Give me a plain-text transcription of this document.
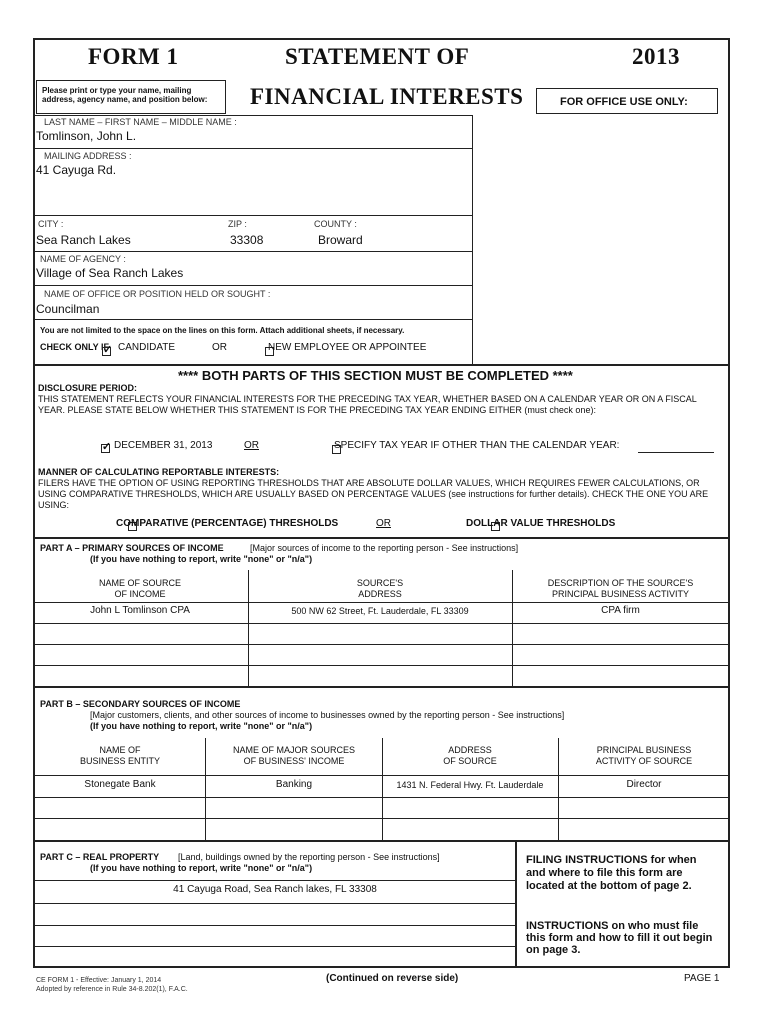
FORM 1	STATEMENT OF	2013
Please print or type your name, mailing address, agency name, and position below:	FINANCIAL INTERESTS	FOR OFFICE USE ONLY:
LAST NAME – FIRST NAME – MIDDLE NAME :
Tomlinson, John L.
MAILING ADDRESS :
41 Cayuga Rd.
CITY :	ZIP :	COUNTY :
Sea Ranch Lakes	33308	Broward
NAME OF AGENCY :
Village of Sea Ranch Lakes
NAME OF OFFICE OR POSITION HELD OR SOUGHT :
Councilman
You are not limited to the space on the lines on this form. Attach additional sheets, if necessary.
CHECK ONLY IF
✓ CANDIDATE	OR
	NEW EMPLOYEE OR APPOINTEE
**** BOTH PARTS OF THIS SECTION MUST BE COMPLETED ****
DISCLOSURE PERIOD:
THIS STATEMENT REFLECTS YOUR FINANCIAL INTERESTS FOR THE PRECEDING TAX YEAR, WHETHER BASED ON A CALENDAR YEAR OR ON A FISCAL YEAR. PLEASE STATE BELOW WHETHER THIS STATEMENT IS FOR THE PRECEDING TAX YEAR ENDING EITHER (must check one):
✓
DECEMBER 31, 2013	OR
	SPECIFY TAX YEAR IF OTHER THAN THE CALENDAR YEAR:
MANNER OF CALCULATING REPORTABLE INTERESTS:
FILERS HAVE THE OPTION OF USING REPORTING THRESHOLDS THAT ARE ABSOLUTE DOLLAR VALUES, WHICH REQUIRES FEWER CALCULATIONS, OR USING COMPARATIVE THRESHOLDS, WHICH ARE USUALLY BASED ON PERCENTAGE VALUES (see instructions for further details). CHECK THE ONE YOU ARE USING:

COMPARATIVE (PERCENTAGE) THRESHOLDS	OR	DOLLAR VALUE THRESHOLDS
PART A – PRIMARY SOURCES OF INCOME	[Major sources of income to the reporting person - See instructions]
(If you have nothing to report, write "none" or "n/a")
NAME OF SOURCE
OF INCOME
SOURCE'S
ADDRESS
DESCRIPTION OF THE SOURCE'S
PRINCIPAL BUSINESS ACTIVITY
John L Tomlinson CPA	500 NW 62 Street, Ft. Lauderdale, FL 33309	CPA firm
PART B – SECONDARY SOURCES OF INCOME
[Major customers, clients, and other sources of income to businesses owned by the reporting person - See instructions]
(If you have nothing to report, write "none" or "n/a")
NAME OF
BUSINESS ENTITY
NAME OF MAJOR SOURCES
OF BUSINESS' INCOME
ADDRESS
OF SOURCE
PRINCIPAL BUSINESS
ACTIVITY OF SOURCE
Stonegate Bank	Banking	1431 N. Federal Hwy. Ft. Lauderdale	Director
PART C – REAL PROPERTY [Land, buildings owned by the reporting person - See instructions]
(If you have nothing to report, write "none" or "n/a")
41 Cayuga Road, Sea Ranch lakes, FL 33308
FILING INSTRUCTIONS for when and where to file this form are located at the bottom of page 2.
INSTRUCTIONS on who must file this form and how to fill it out begin on page 3.
CE FORM 1 - Effective: January 1, 2014
Adopted by reference in Rule 34-8.202(1), F.A.C.
(Continued on reverse side)	PAGE 1
